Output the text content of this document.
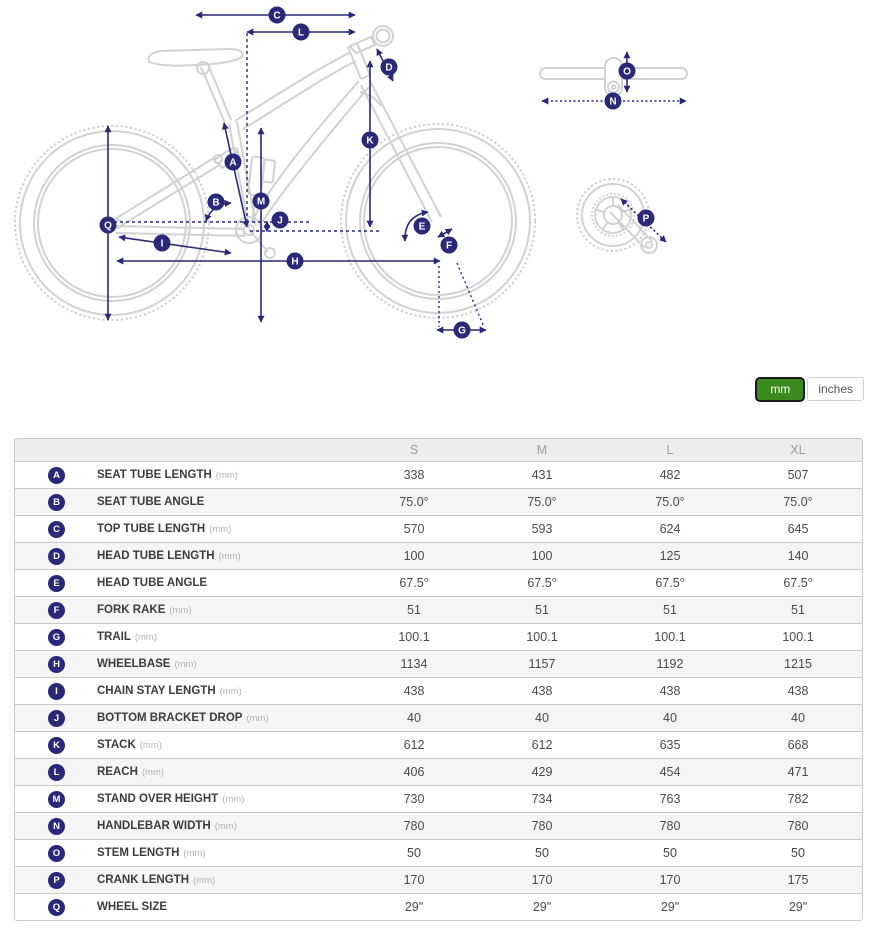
A
B
C
D
E
F
G
H
I
J
K
L
M
N
O
P
Q
mm	inches
S	M	L	XL
A	SEAT TUBE LENGTH (mm)	338	431	482	507
B	SEAT TUBE ANGLE	75.0°	75.0°	75.0°	75.0°
C	TOP TUBE LENGTH (mm)	570	593	624	645
D	HEAD TUBE LENGTH (mm)	100	100	125	140
E	HEAD TUBE ANGLE	67.5°	67.5°	67.5°	67.5°
F	FORK RAKE (mm)	51	51	51	51
G	TRAIL (mm)	100.1	100.1	100.1	100.1
H	WHEELBASE (mm)	1134	1157	1192	1215
I	CHAIN STAY LENGTH (mm)	438	438	438	438
J	BOTTOM BRACKET DROP (mm)	40	40	40	40
K	STACK (mm)	612	612	635	668
L	REACH (mm)	406	429	454	471
M	STAND OVER HEIGHT (mm)	730	734	763	782
N	HANDLEBAR WIDTH (mm)	780	780	780	780
O	STEM LENGTH (mm)	50	50	50	50
P	CRANK LENGTH (mm)	170	170	170	175
Q	WHEEL SIZE	29"	29"	29"	29"
